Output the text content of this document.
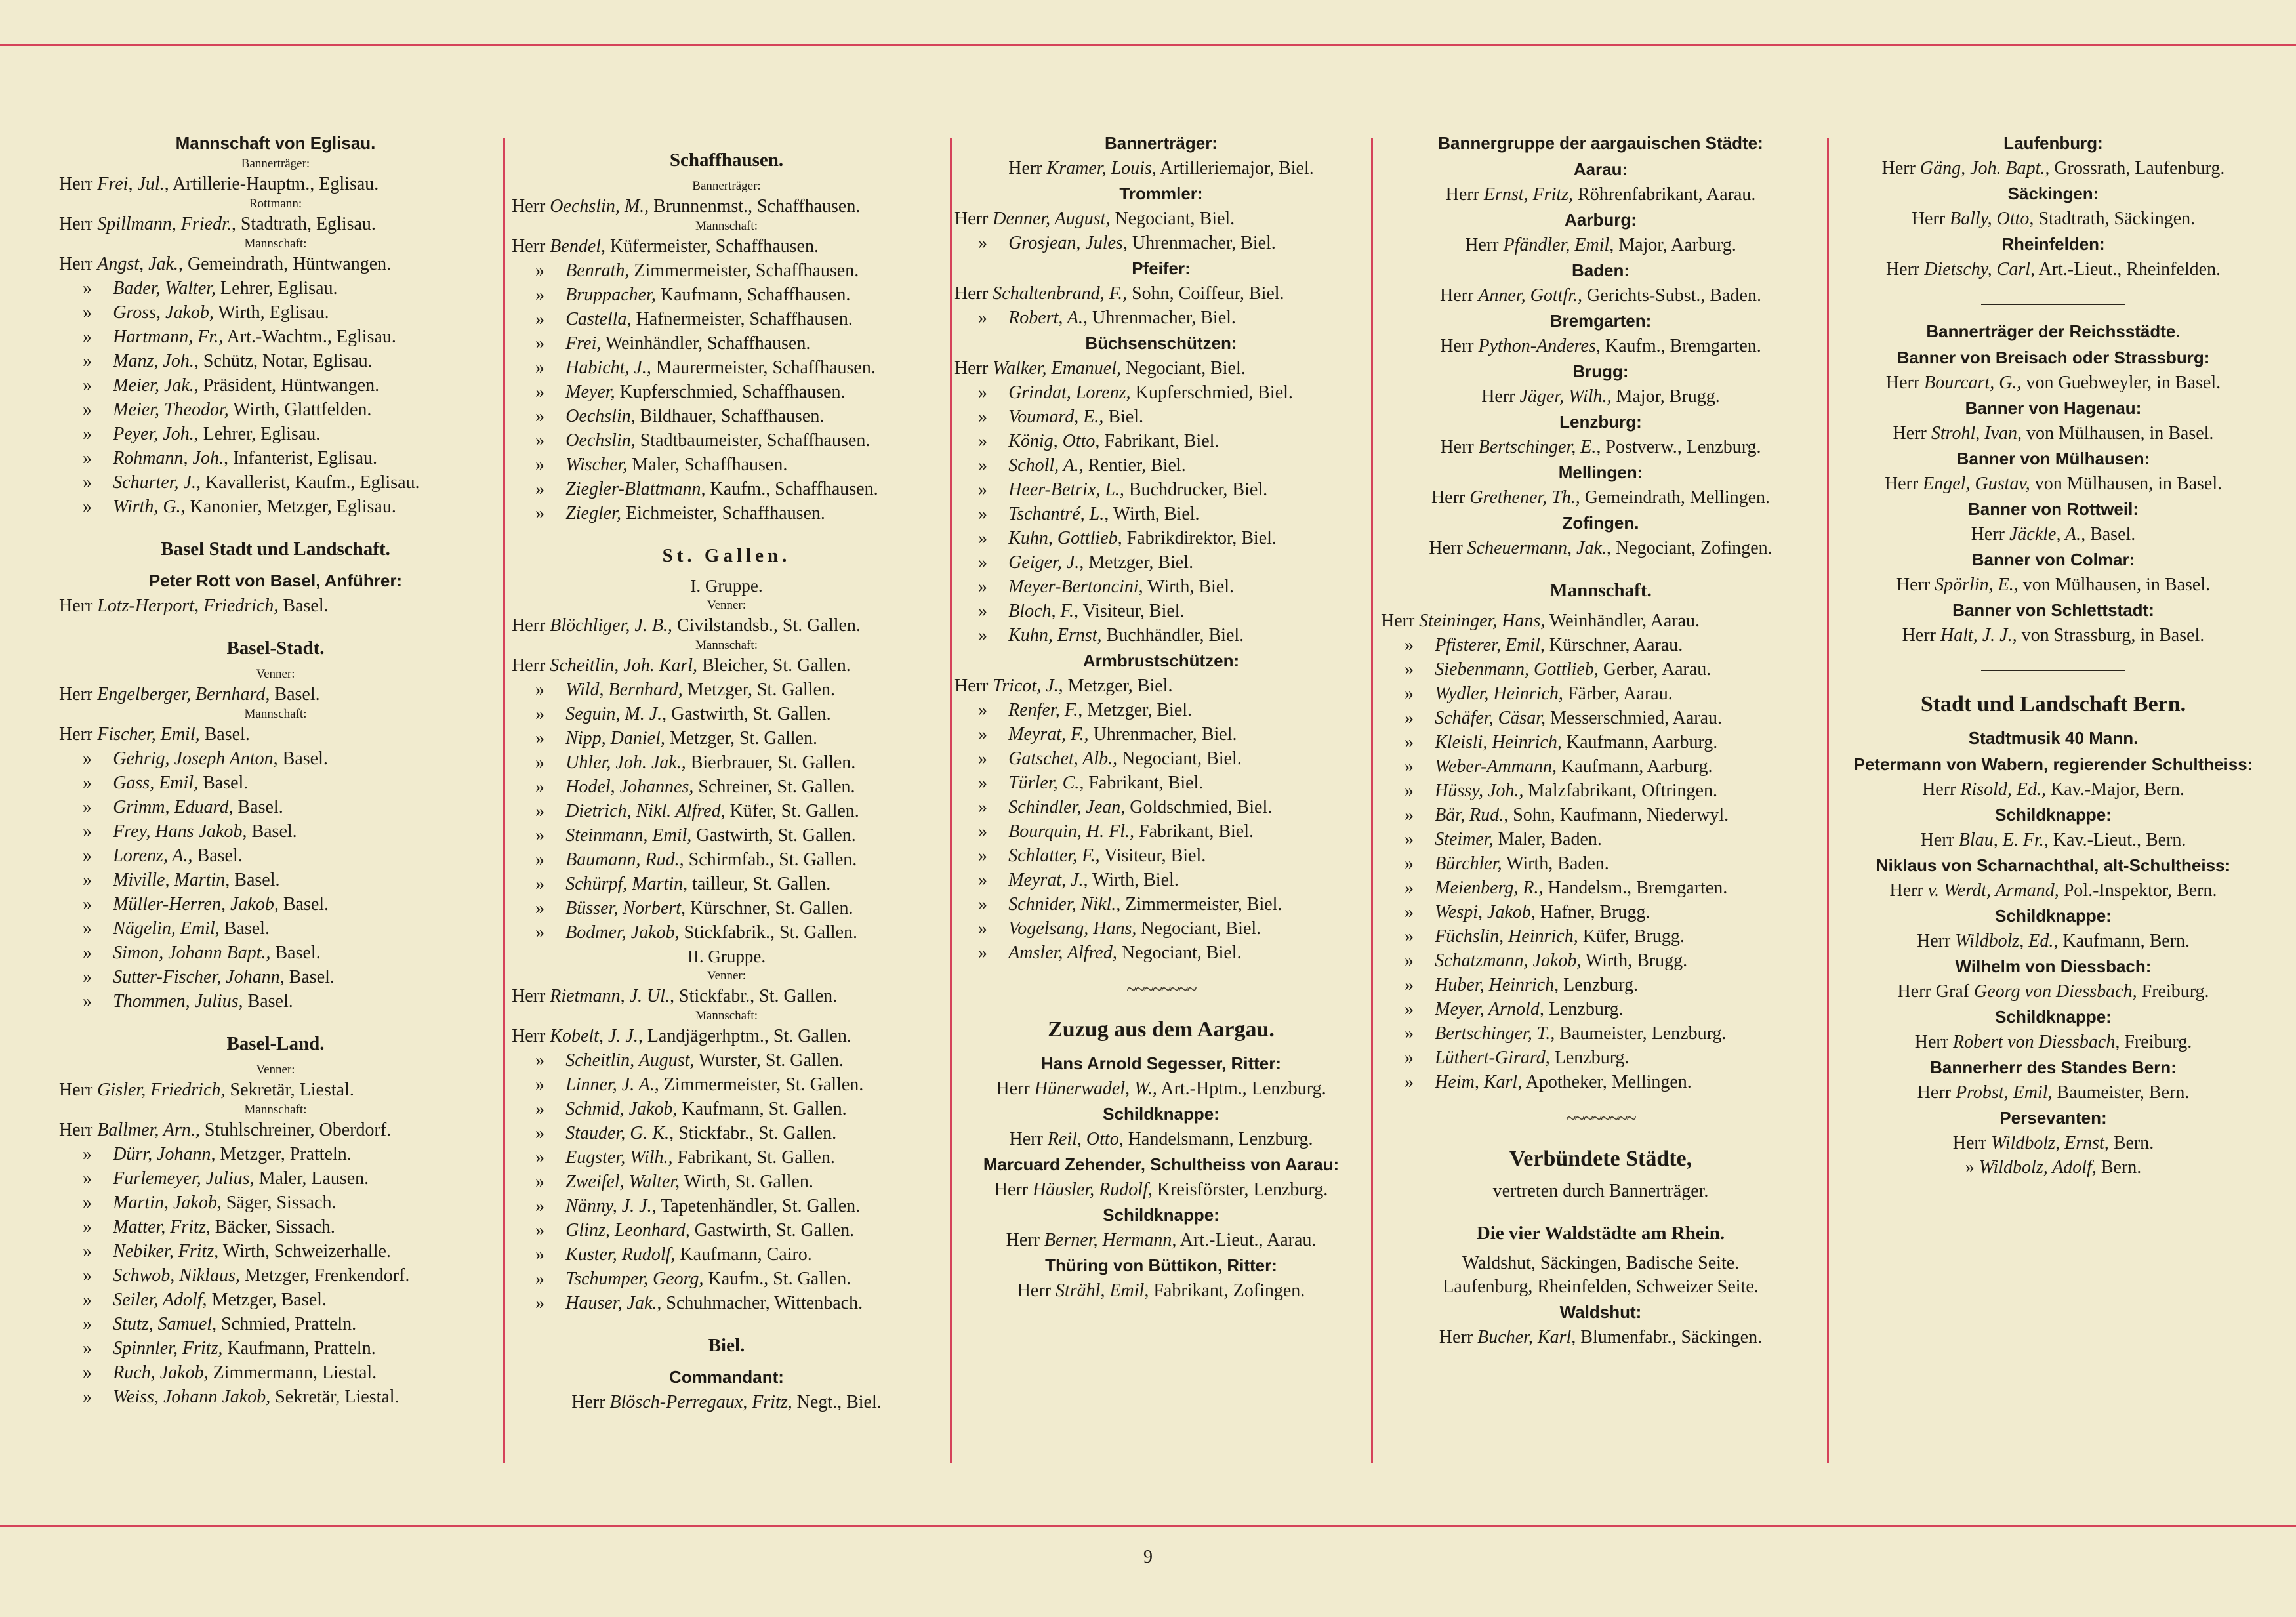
Mannschaft von Eglisau.
Bannerträger:
Herr Frei, Jul., Artillerie-Hauptm., Eglisau.
Rottmann:
Herr Spillmann, Friedr., Stadtrath, Eglisau.
Mannschaft:
Herr Angst, Jak., Gemeindrath, Hüntwangen.
» Bader, Walter, Lehrer, Eglisau.
» Gross, Jakob, Wirth, Eglisau.
» Hartmann, Fr., Art.-Wachtm., Eglisau.
» Manz, Joh., Schütz, Notar, Eglisau.
» Meier, Jak., Präsident, Hüntwangen.
» Meier, Theodor, Wirth, Glattfelden.
» Peyer, Joh., Lehrer, Eglisau.
» Rohmann, Joh., Infanterist, Eglisau.
» Schurter, J., Kavallerist, Kaufm., Eglisau.
» Wirth, G., Kanonier, Metzger, Eglisau.
Basel Stadt und Landschaft.
Peter Rott von Basel, Anführer:
Herr Lotz-Herport, Friedrich, Basel.
Basel-Stadt.
Venner:
Herr Engelberger, Bernhard, Basel.
Mannschaft:
Herr Fischer, Emil, Basel.
» Gehrig, Joseph Anton, Basel.
» Gass, Emil, Basel.
» Grimm, Eduard, Basel.
» Frey, Hans Jakob, Basel.
» Lorenz, A., Basel.
» Miville, Martin, Basel.
» Müller-Herren, Jakob, Basel.
» Nägelin, Emil, Basel.
» Simon, Johann Bapt., Basel.
» Sutter-Fischer, Johann, Basel.
» Thommen, Julius, Basel.
Basel-Land.
Venner:
Herr Gisler, Friedrich, Sekretär, Liestal.
Mannschaft:
Herr Ballmer, Arn., Stuhlschreiner, Oberdorf.
» Dürr, Johann, Metzger, Pratteln.
» Furlemeyer, Julius, Maler, Lausen.
» Martin, Jakob, Säger, Sissach.
» Matter, Fritz, Bäcker, Sissach.
» Nebiker, Fritz, Wirth, Schweizerhalle.
» Schwob, Niklaus, Metzger, Frenkendorf.
» Seiler, Adolf, Metzger, Basel.
» Stutz, Samuel, Schmied, Pratteln.
» Spinnler, Fritz, Kaufmann, Pratteln.
» Ruch, Jakob, Zimmermann, Liestal.
» Weiss, Johann Jakob, Sekretär, Liestal.
Schaffhausen.
Bannerträger:
Herr Oechslin, M., Brunnenmst., Schaffhausen.
Mannschaft:
Herr Bendel, Küfermeister, Schaffhausen.
» Benrath, Zimmermeister, Schaffhausen.
» Bruppacher, Kaufmann, Schaffhausen.
» Castella, Hafnermeister, Schaffhausen.
» Frei, Weinhändler, Schaffhausen.
» Habicht, J., Maurermeister, Schaffhausen.
» Meyer, Kupferschmied, Schaffhausen.
» Oechslin, Bildhauer, Schaffhausen.
» Oechslin, Stadtbaumeister, Schaffhausen.
» Wischer, Maler, Schaffhausen.
» Ziegler-Blattmann, Kaufm., Schaffhausen.
» Ziegler, Eichmeister, Schaffhausen.
St. Gallen.
I. Gruppe.
Venner:
Herr Blöchliger, J. B., Civilstandsb., St. Gallen.
Mannschaft:
Herr Scheitlin, Joh. Karl, Bleicher, St. Gallen.
» Wild, Bernhard, Metzger, St. Gallen.
» Seguin, M. J., Gastwirth, St. Gallen.
» Nipp, Daniel, Metzger, St. Gallen.
» Uhler, Joh. Jak., Bierbrauer, St. Gallen.
» Hodel, Johannes, Schreiner, St. Gallen.
» Dietrich, Nikl. Alfred, Küfer, St. Gallen.
» Steinmann, Emil, Gastwirth, St. Gallen.
» Baumann, Rud., Schirmfab., St. Gallen.
» Schürpf, Martin, tailleur, St. Gallen.
» Büsser, Norbert, Kürschner, St. Gallen.
» Bodmer, Jakob, Stickfabrik., St. Gallen.
II. Gruppe.
Venner:
Herr Rietmann, J. Ul., Stickfabr., St. Gallen.
Mannschaft:
Herr Kobelt, J. J., Landjägerhptm., St. Gallen.
» Scheitlin, August, Wurster, St. Gallen.
» Linner, J. A., Zimmermeister, St. Gallen.
» Schmid, Jakob, Kaufmann, St. Gallen.
» Stauder, G. K., Stickfabr., St. Gallen.
» Eugster, Wilh., Fabrikant, St. Gallen.
» Zweifel, Walter, Wirth, St. Gallen.
» Nänny, J. J., Tapetenhändler, St. Gallen.
» Glinz, Leonhard, Gastwirth, St. Gallen.
» Kuster, Rudolf, Kaufmann, Cairo.
» Tschumper, Georg, Kaufm., St. Gallen.
» Hauser, Jak., Schuhmacher, Wittenbach.
Biel.
Commandant:
Herr Blösch-Perregaux, Fritz, Negt., Biel.
Bannerträger:
Herr Kramer, Louis, Artilleriemajor, Biel.
Trommler:
Herr Denner, August, Negociant, Biel.
» Grosjean, Jules, Uhrenmacher, Biel.
Pfeifer:
Herr Schaltenbrand, F., Sohn, Coiffeur, Biel.
» Robert, A., Uhrenmacher, Biel.
Büchsenschützen:
Herr Walker, Emanuel, Negociant, Biel.
» Grindat, Lorenz, Kupferschmied, Biel.
» Voumard, E., Biel.
» König, Otto, Fabrikant, Biel.
» Scholl, A., Rentier, Biel.
» Heer-Betrix, L., Buchdrucker, Biel.
» Tschantré, L., Wirth, Biel.
» Kuhn, Gottlieb, Fabrikdirektor, Biel.
» Geiger, J., Metzger, Biel.
» Meyer-Bertoncini, Wirth, Biel.
» Bloch, F., Visiteur, Biel.
» Kuhn, Ernst, Buchhändler, Biel.
Armbrustschützen:
Herr Tricot, J., Metzger, Biel.
» Renfer, F., Metzger, Biel.
» Meyrat, F., Uhrenmacher, Biel.
» Gatschet, Alb., Negociant, Biel.
» Türler, C., Fabrikant, Biel.
» Schindler, Jean, Goldschmied, Biel.
» Bourquin, H. Fl., Fabrikant, Biel.
» Schlatter, F., Visiteur, Biel.
» Meyrat, J., Wirth, Biel.
» Schnider, Nikl., Zimmermeister, Biel.
» Vogelsang, Hans, Negociant, Biel.
» Amsler, Alfred, Negociant, Biel.
~~~~~~~~
Zuzug aus dem Aargau.
Hans Arnold Segesser, Ritter:
Herr Hünerwadel, W., Art.-Hptm., Lenzburg.
Schildknappe:
Herr Reil, Otto, Handelsmann, Lenzburg.
Marcuard Zehender, Schultheiss von Aarau:
Herr Häusler, Rudolf, Kreisförster, Lenzburg.
Schildknappe:
Herr Berner, Hermann, Art.-Lieut., Aarau.
Thüring von Büttikon, Ritter:
Herr Strähl, Emil, Fabrikant, Zofingen.
Bannergruppe der aargauischen Städte:
Aarau:
Herr Ernst, Fritz, Röhrenfabrikant, Aarau.
Aarburg:
Herr Pfändler, Emil, Major, Aarburg.
Baden:
Herr Anner, Gottfr., Gerichts-Subst., Baden.
Bremgarten:
Herr Python-Anderes, Kaufm., Bremgarten.
Brugg:
Herr Jäger, Wilh., Major, Brugg.
Lenzburg:
Herr Bertschinger, E., Postverw., Lenzburg.
Mellingen:
Herr Grethener, Th., Gemeindrath, Mellingen.
Zofingen.
Herr Scheuermann, Jak., Negociant, Zofingen.
Mannschaft.
Herr Steininger, Hans, Weinhändler, Aarau.
» Pfisterer, Emil, Kürschner, Aarau.
» Siebenmann, Gottlieb, Gerber, Aarau.
» Wydler, Heinrich, Färber, Aarau.
» Schäfer, Cäsar, Messerschmied, Aarau.
» Kleisli, Heinrich, Kaufmann, Aarburg.
» Weber-Ammann, Kaufmann, Aarburg.
» Hüssy, Joh., Malzfabrikant, Oftringen.
» Bär, Rud., Sohn, Kaufmann, Niederwyl.
» Steimer, Maler, Baden.
» Bürchler, Wirth, Baden.
» Meienberg, R., Handelsm., Bremgarten.
» Wespi, Jakob, Hafner, Brugg.
» Füchslin, Heinrich, Küfer, Brugg.
» Schatzmann, Jakob, Wirth, Brugg.
» Huber, Heinrich, Lenzburg.
» Meyer, Arnold, Lenzburg.
» Bertschinger, T., Baumeister, Lenzburg.
» Lüthert-Girard, Lenzburg.
» Heim, Karl, Apotheker, Mellingen.
~~~~~~~~
Verbündete Städte,
vertreten durch Bannerträger.
Die vier Waldstädte am Rhein.
Waldshut, Säckingen, Badische Seite.
Laufenburg, Rheinfelden, Schweizer Seite.
Waldshut:
Herr Bucher, Karl, Blumenfabr., Säckingen.
Laufenburg:
Herr Gäng, Joh. Bapt., Grossrath, Laufenburg.
Säckingen:
Herr Bally, Otto, Stadtrath, Säckingen.
Rheinfelden:
Herr Dietschy, Carl, Art.-Lieut., Rheinfelden.
Bannerträger der Reichsstädte.
Banner von Breisach oder Strassburg:
Herr Bourcart, G., von Guebweyler, in Basel.
Banner von Hagenau:
Herr Strohl, Ivan, von Mülhausen, in Basel.
Banner von Mülhausen:
Herr Engel, Gustav, von Mülhausen, in Basel.
Banner von Rottweil:
Herr Jäckle, A., Basel.
Banner von Colmar:
Herr Spörlin, E., von Mülhausen, in Basel.
Banner von Schlettstadt:
Herr Halt, J. J., von Strassburg, in Basel.
Stadt und Landschaft Bern.
Stadtmusik 40 Mann.
Petermann von Wabern, regierender Schultheiss:
Herr Risold, Ed., Kav.-Major, Bern.
Schildknappe:
Herr Blau, E. Fr., Kav.-Lieut., Bern.
Niklaus von Scharnachthal, alt-Schultheiss:
Herr v. Werdt, Armand, Pol.-Inspektor, Bern.
Schildknappe:
Herr Wildbolz, Ed., Kaufmann, Bern.
Wilhelm von Diessbach:
Herr Graf Georg von Diessbach, Freiburg.
Schildknappe:
Herr Robert von Diessbach, Freiburg.
Bannerherr des Standes Bern:
Herr Probst, Emil, Baumeister, Bern.
Persevanten:
Herr Wildbolz, Ernst, Bern.
» Wildbolz, Adolf, Bern.
9
